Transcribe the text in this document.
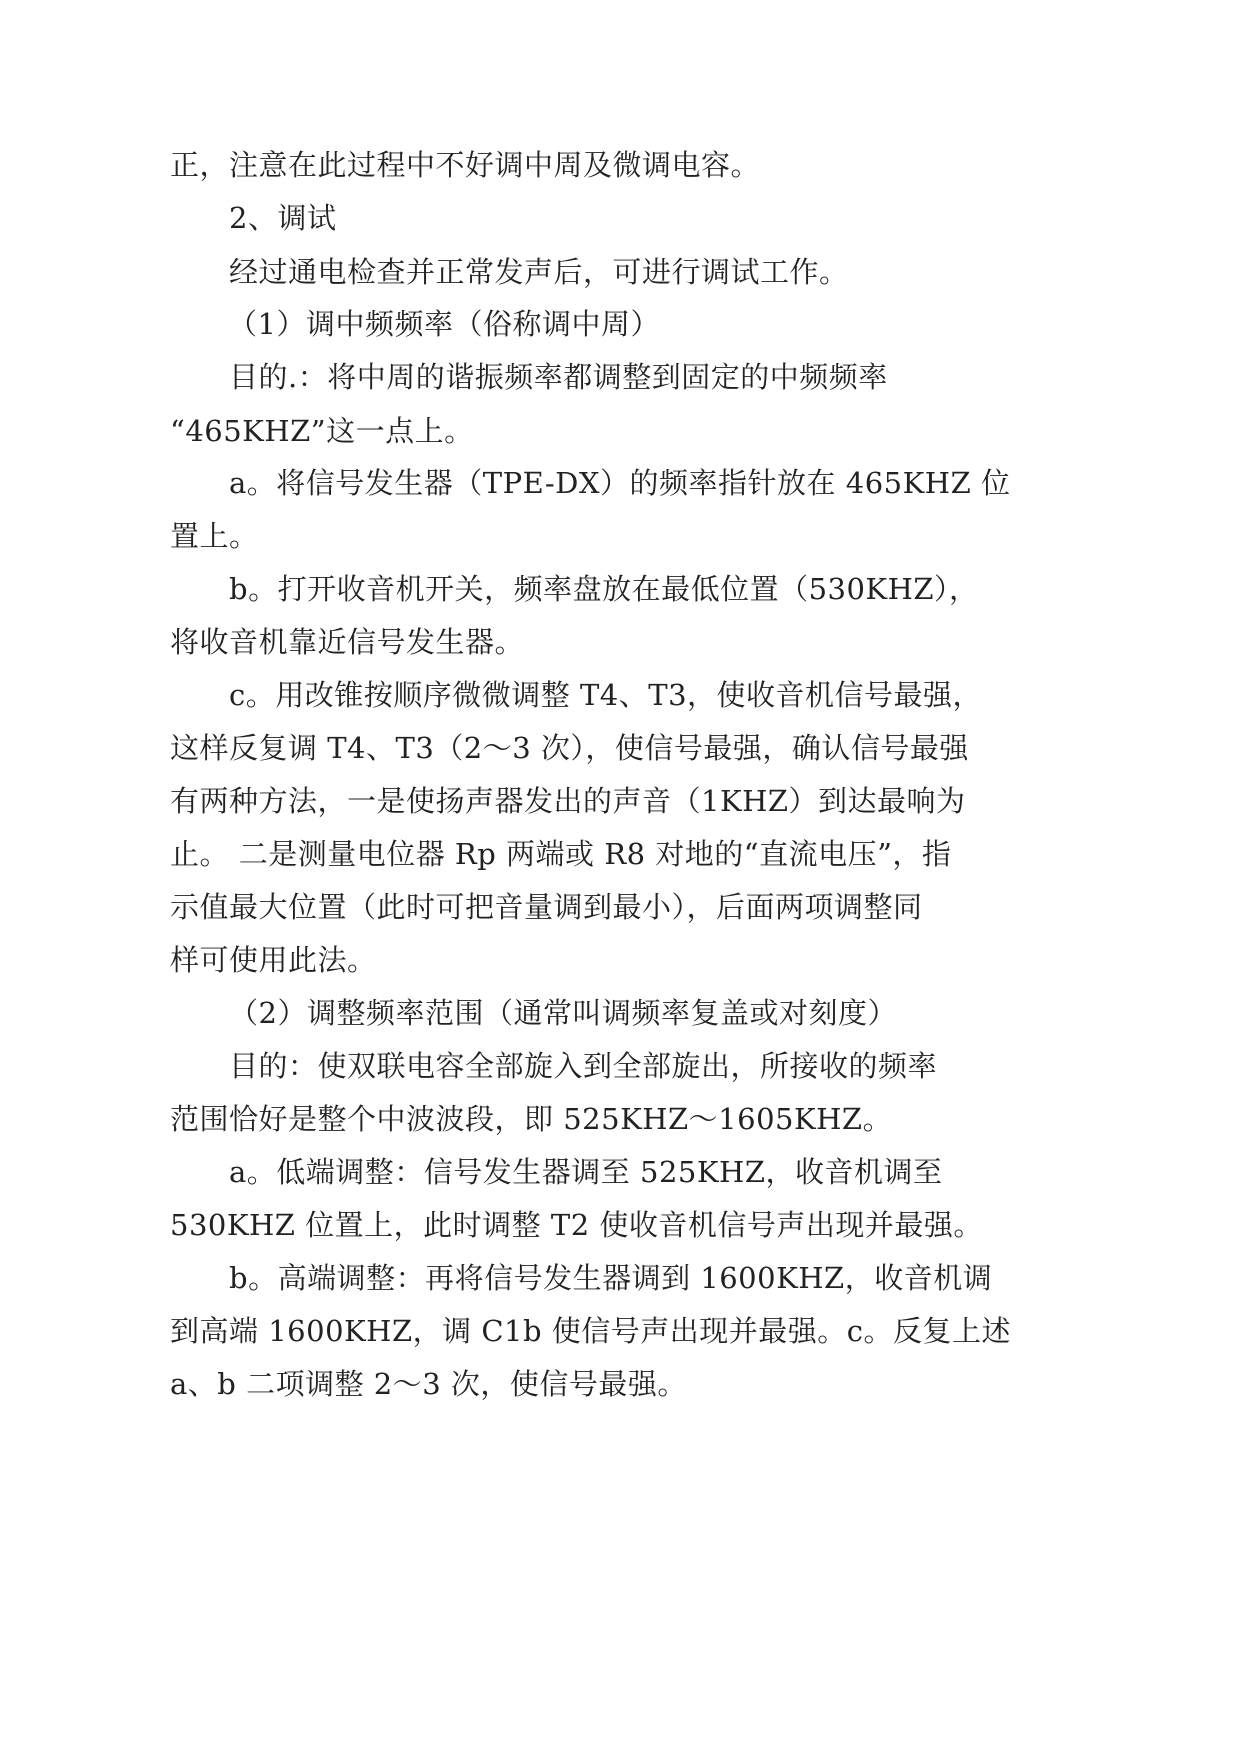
正，注意在此过程中不好调中周及微调电容。
2、调试
经过通电检查并正常发声后，可进行调试工作。
（1）调中频频率（俗称调中周）
目的.：将中周的谐振频率都调整到固定的中频频率
“465KHZ”这一点上。
a。将信号发生器（TPE-DX）的频率指针放在 465KHZ 位
置上。
b。打开收音机开关，频率盘放在最低位置（530KHZ），
将收音机靠近信号发生器。
c。用改锥按顺序微微调整 T4、T3，使收音机信号最强，
这样反复调 T4、T3（2～3 次），使信号最强，确认信号最强
有两种方法，一是使扬声器发出的声音（1KHZ）到达最响为
止。 二是测量电位器 Rp 两端或 R8 对地的“直流电压”，指
示值最大位置（此时可把音量调到最小），后面两项调整同
样可使用此法。
（2）调整频率范围（通常叫调频率复盖或对刻度）
目的：使双联电容全部旋入到全部旋出，所接收的频率
范围恰好是整个中波波段，即 525KHZ～1605KHZ。
a。低端调整：信号发生器调至 525KHZ，收音机调至
530KHZ 位置上，此时调整 T2 使收音机信号声出现并最强。
b。高端调整：再将信号发生器调到 1600KHZ，收音机调
到高端 1600KHZ，调 C1b 使信号声出现并最强。c。反复上述
a、b 二项调整 2～3 次，使信号最强。
